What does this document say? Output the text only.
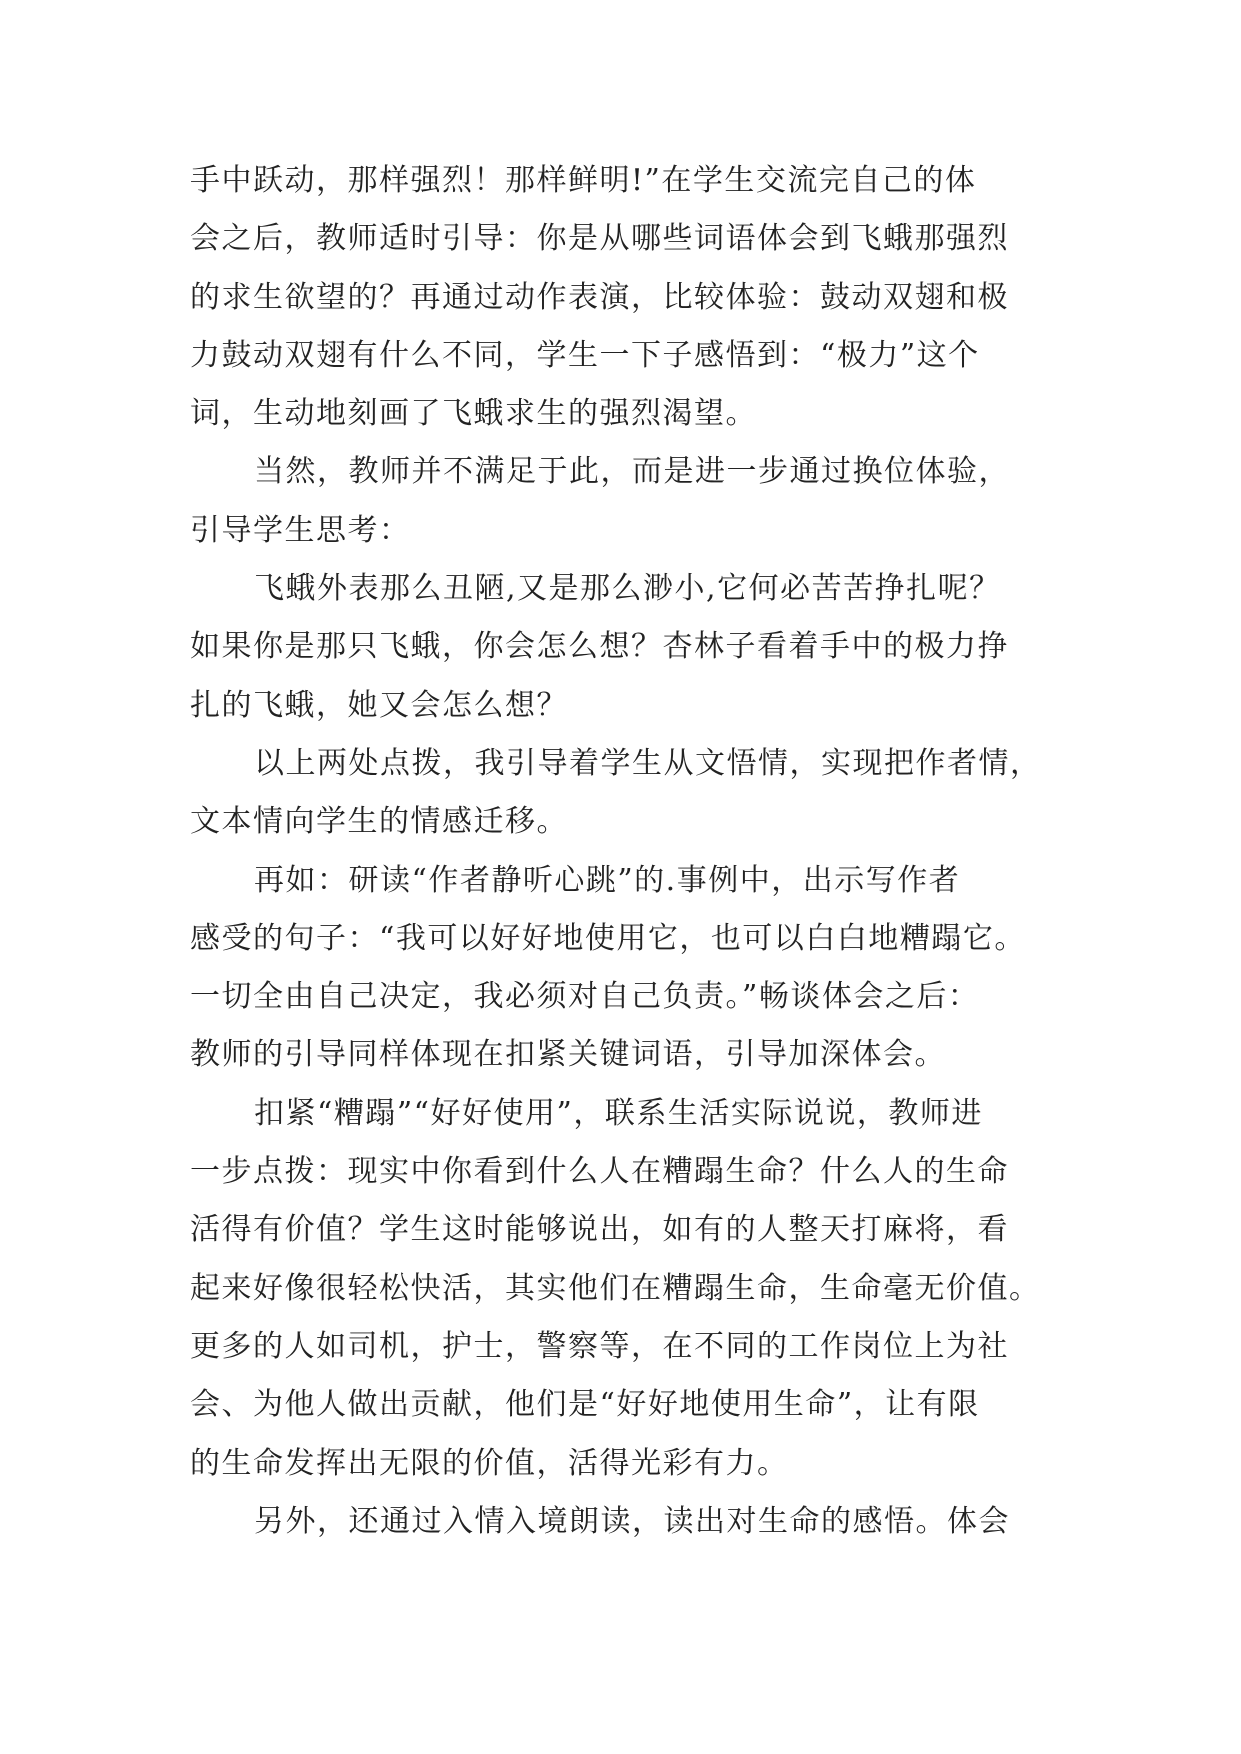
手中跃动，那样强烈！那样鲜明!”在学生交流完自己的体
会之后，教师适时引导：你是从哪些词语体会到飞蛾那强烈
的求生欲望的？再通过动作表演，比较体验：鼓动双翅和极
力鼓动双翅有什么不同，学生一下子感悟到：“极力”这个
词，生动地刻画了飞蛾求生的强烈渴望。
当然，教师并不满足于此，而是进一步通过换位体验，
引导学生思考：
飞蛾外表那么丑陋,又是那么渺小,它何必苦苦挣扎呢？
如果你是那只飞蛾，你会怎么想？杏林子看着手中的极力挣
扎的飞蛾，她又会怎么想？
以上两处点拨，我引导着学生从文悟情，实现把作者情，
文本情向学生的情感迁移。
再如：研读“作者静听心跳”的.事例中，出示写作者
感受的句子：“我可以好好地使用它，也可以白白地糟蹋它。
一切全由自己决定，我必须对自己负责。”畅谈体会之后：
教师的引导同样体现在扣紧关键词语，引导加深体会。
扣紧“糟蹋”“好好使用”，联系生活实际说说，教师进
一步点拨：现实中你看到什么人在糟蹋生命？什么人的生命
活得有价值？学生这时能够说出，如有的人整天打麻将，看
起来好像很轻松快活，其实他们在糟蹋生命，生命毫无价值。
更多的人如司机，护士，警察等，在不同的工作岗位上为社
会、为他人做出贡献，他们是“好好地使用生命”，让有限
的生命发挥出无限的价值，活得光彩有力。
另外，还通过入情入境朗读，读出对生命的感悟。体会
